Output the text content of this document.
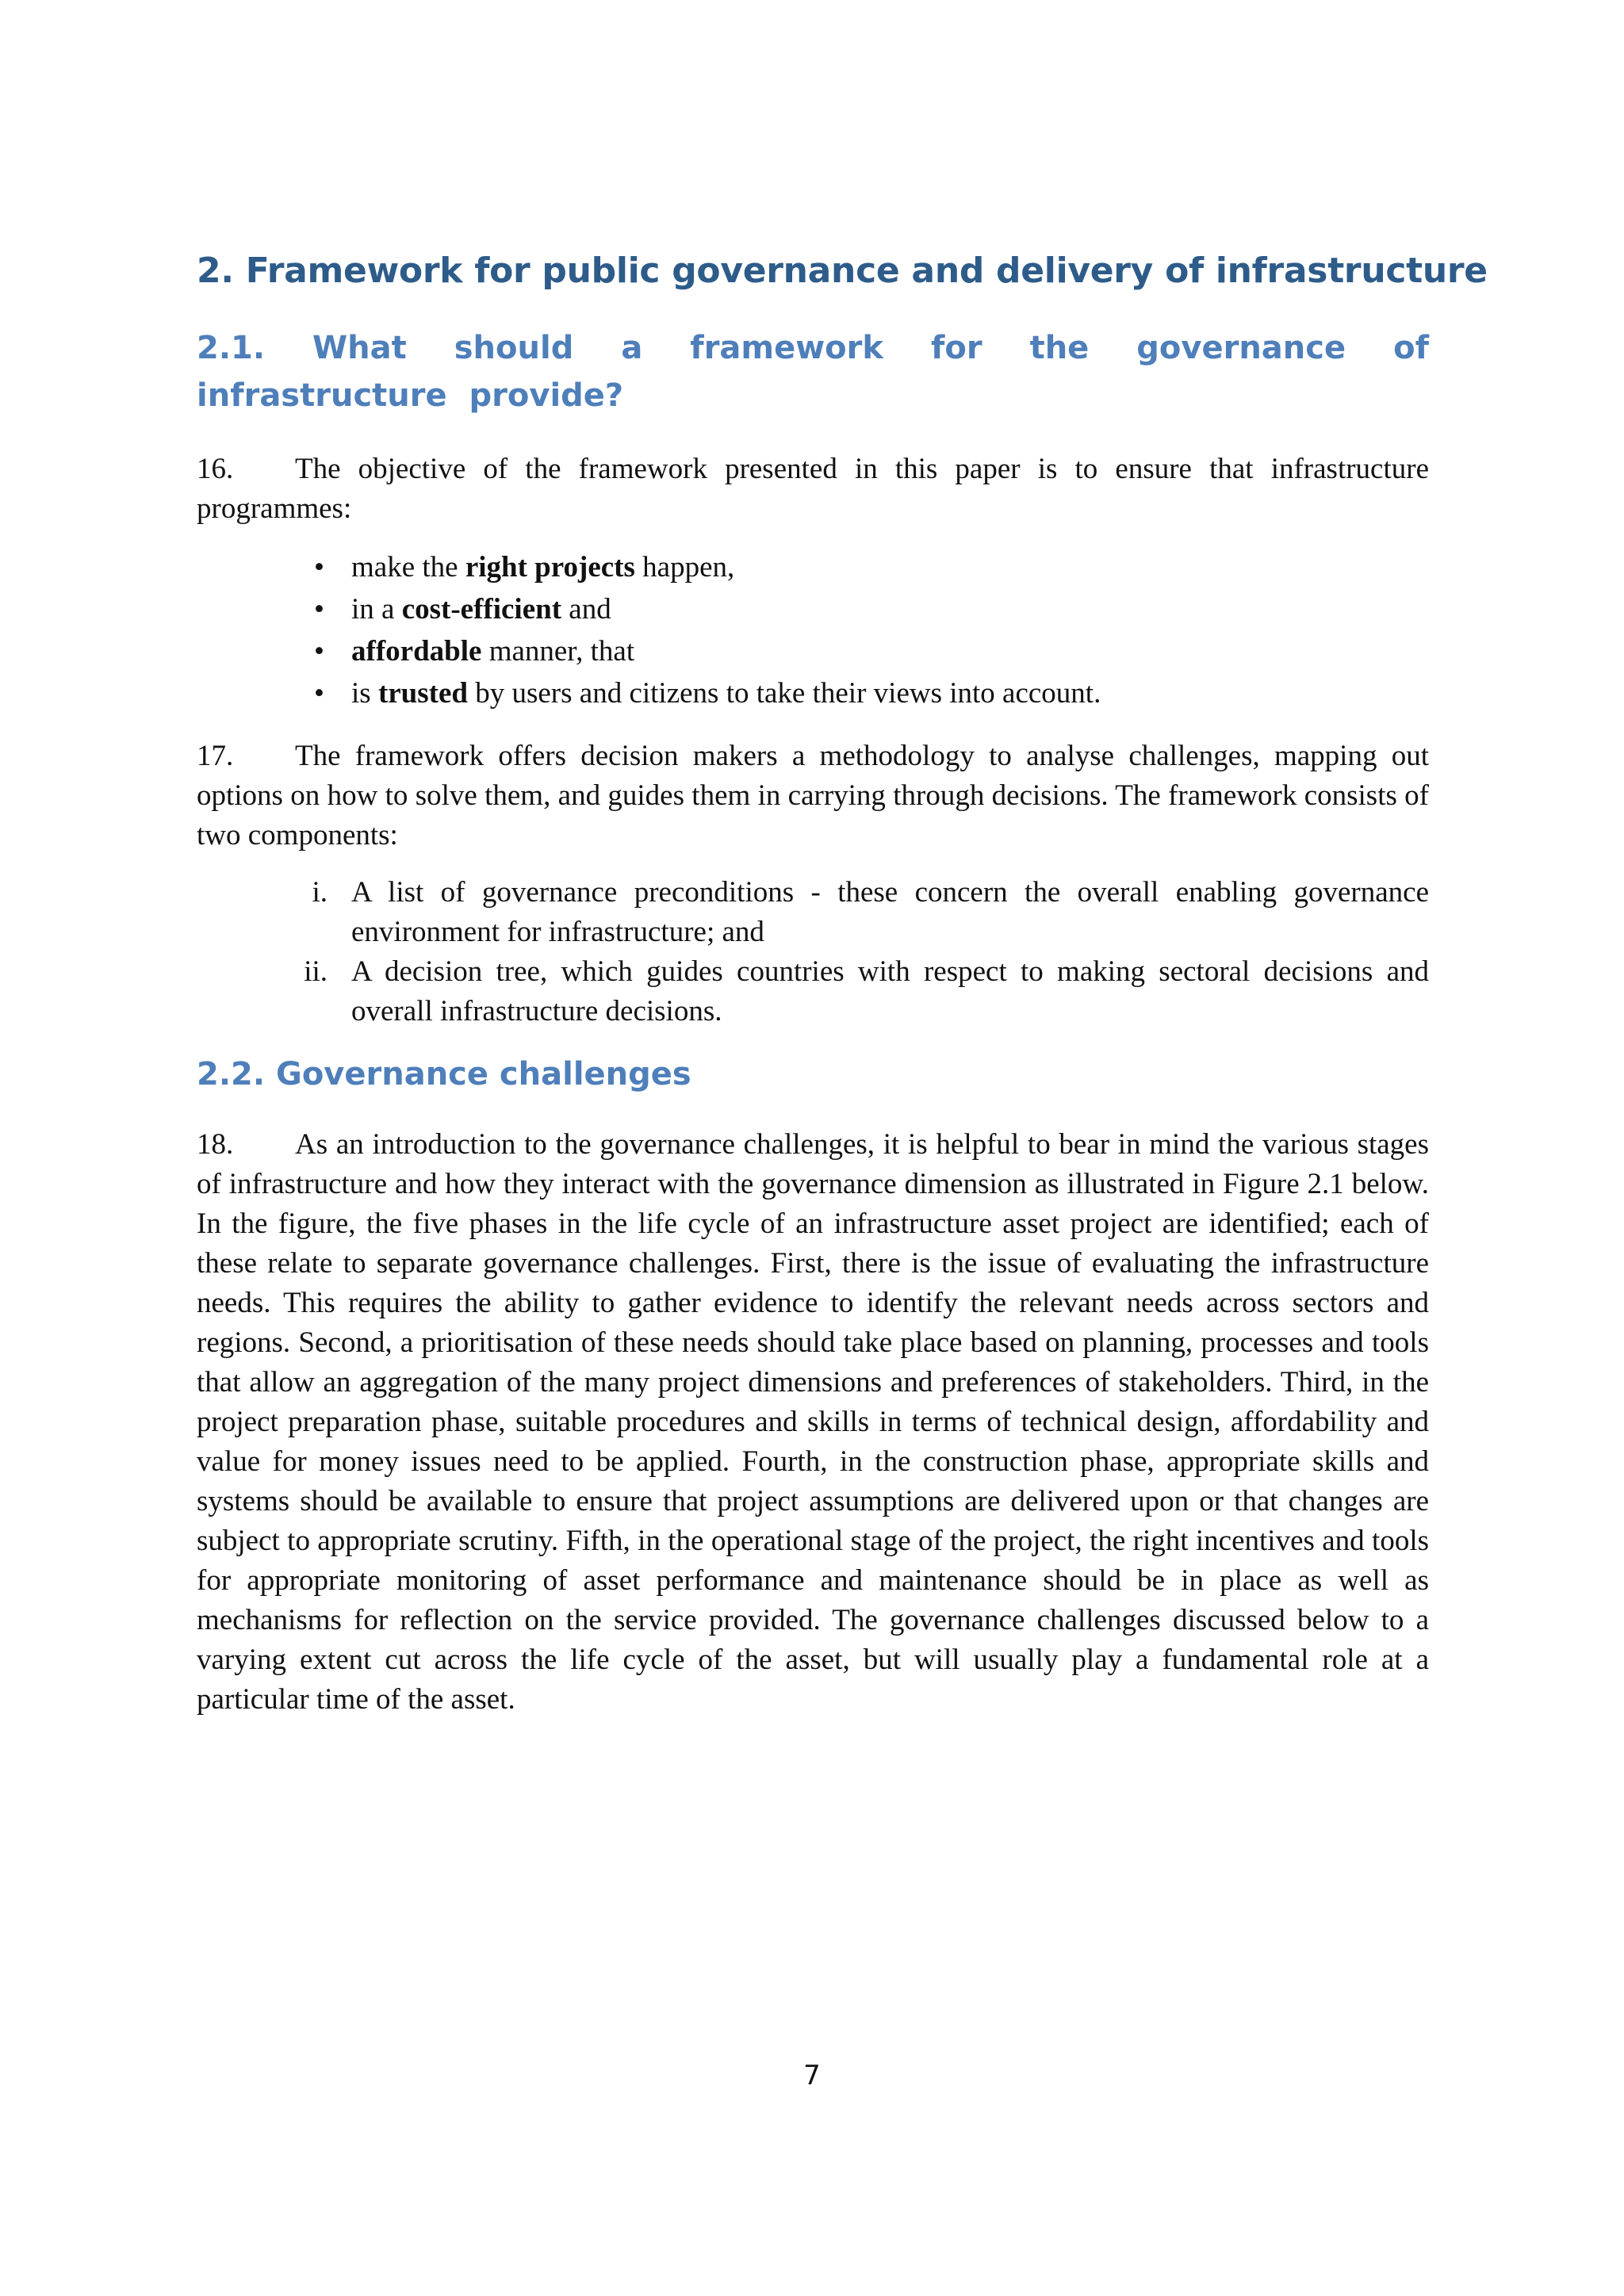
2. Framework for public governance and delivery of infrastructure
2.1. What should a framework for the governance of infrastructure provide?

16. The objective of the framework presented in this paper is to ensure that infrastructure programmes:

• make the right projects happen,
• in a cost-efficient and
• affordable manner, that
• is trusted by users and citizens to take their views into account.

17. The framework offers decision makers a methodology to analyse challenges, mapping out options on how to solve them, and guides them in carrying through decisions. The framework consists of two components:

i. A list of governance preconditions - these concern the overall enabling governance environment for infrastructure; and
ii. A decision tree, which guides countries with respect to making sectoral decisions and overall infrastructure decisions.
2.2. Governance challenges

18. As an introduction to the governance challenges, it is helpful to bear in mind the various stages of infrastructure and how they interact with the governance dimension as illustrated in Figure 2.1 below. In the figure, the five phases in the life cycle of an infrastructure asset project are identified; each of these relate to separate governance challenges. First, there is the issue of evaluating the infrastructure needs. This requires the ability to gather evidence to identify the relevant needs across sectors and regions. Second, a prioritisation of these needs should take place based on planning, processes and tools that allow an aggregation of the many project dimensions and preferences of stakeholders. Third, in the project preparation phase, suitable procedures and skills in terms of technical design, affordability and value for money issues need to be applied. Fourth, in the construction phase, appropriate skills and systems should be available to ensure that project assumptions are delivered upon or that changes are subject to appropriate scrutiny. Fifth, in the operational stage of the project, the right incentives and tools for appropriate monitoring of asset performance and maintenance should be in place as well as mechanisms for reflection on the service provided. The governance challenges discussed below to a varying extent cut across the life cycle of the asset, but will usually play a fundamental role at a particular time of the asset.

7
